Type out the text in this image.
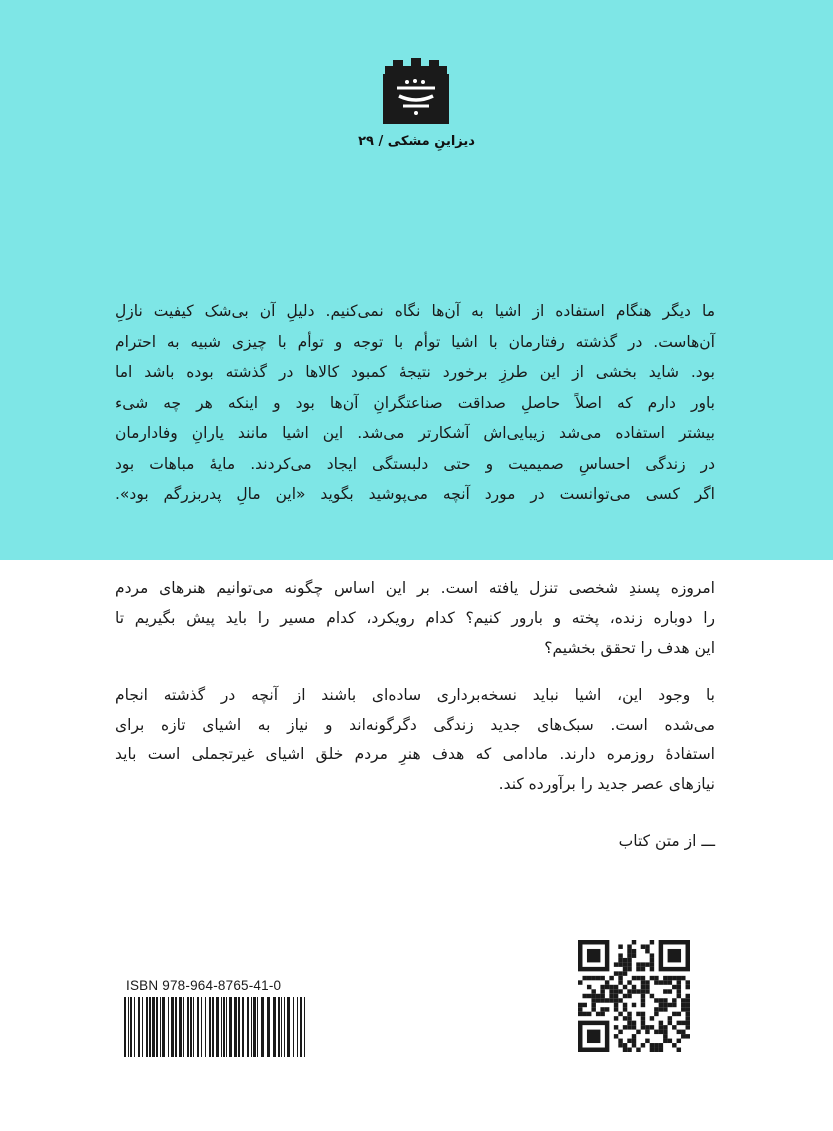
دیزاینِ مشکی / ۲۹
ما دیگر هنگام استفاده از اشیا به آن‌ها نگاه نمی‌کنیم. دلیلِ آن بی‌شک کیفیت نازلِ
آن‌هاست. در گذشته رفتارمان با اشیا توأم با توجه و توأم با چیزی شبیه به احترام
بود. شاید بخشی از این طرزِ برخورد نتیجهٔ کمبود کالاها در گذشته بوده باشد اما
باور دارم که اصلاً حاصلِ صداقت صناعتگرانِ آن‌ها بود و اینکه هر چه شیء
بیشتر استفاده می‌شد زیبایی‌اش آشکارتر می‌شد. این اشیا مانند یارانِ وفادارمان
در زندگی احساسِ صمیمیت و حتی دلبستگی ایجاد می‌کردند. مایهٔ مباهات بود
اگر کسی می‌توانست در مورد آنچه می‌پوشید بگوید «این مالِ پدربزرگم بود».
امروزه پسندِ شخصی تنزل یافته است. بر این اساس چگونه می‌توانیم هنرهای مردم
را دوباره زنده، پخته و بارور کنیم؟ کدام رویکرد، کدام مسیر را باید پیش بگیریم تا
این هدف را تحقق بخشیم؟
با وجود این، اشیا نباید نسخه‌برداری ساده‌ای باشند از آنچه در گذشته انجام
می‌شده است. سبک‌های جدید زندگی دگرگونه‌اند و نیاز به اشیای تازه برای
استفادهٔ روزمره دارند. مادامی که هدف هنرِ مردم خلق اشیای غیرتجملی است باید
نیازهای عصر جدید را برآورده کند.
ـــ از متن کتاب
ISBN 978-964-8765-41-0
